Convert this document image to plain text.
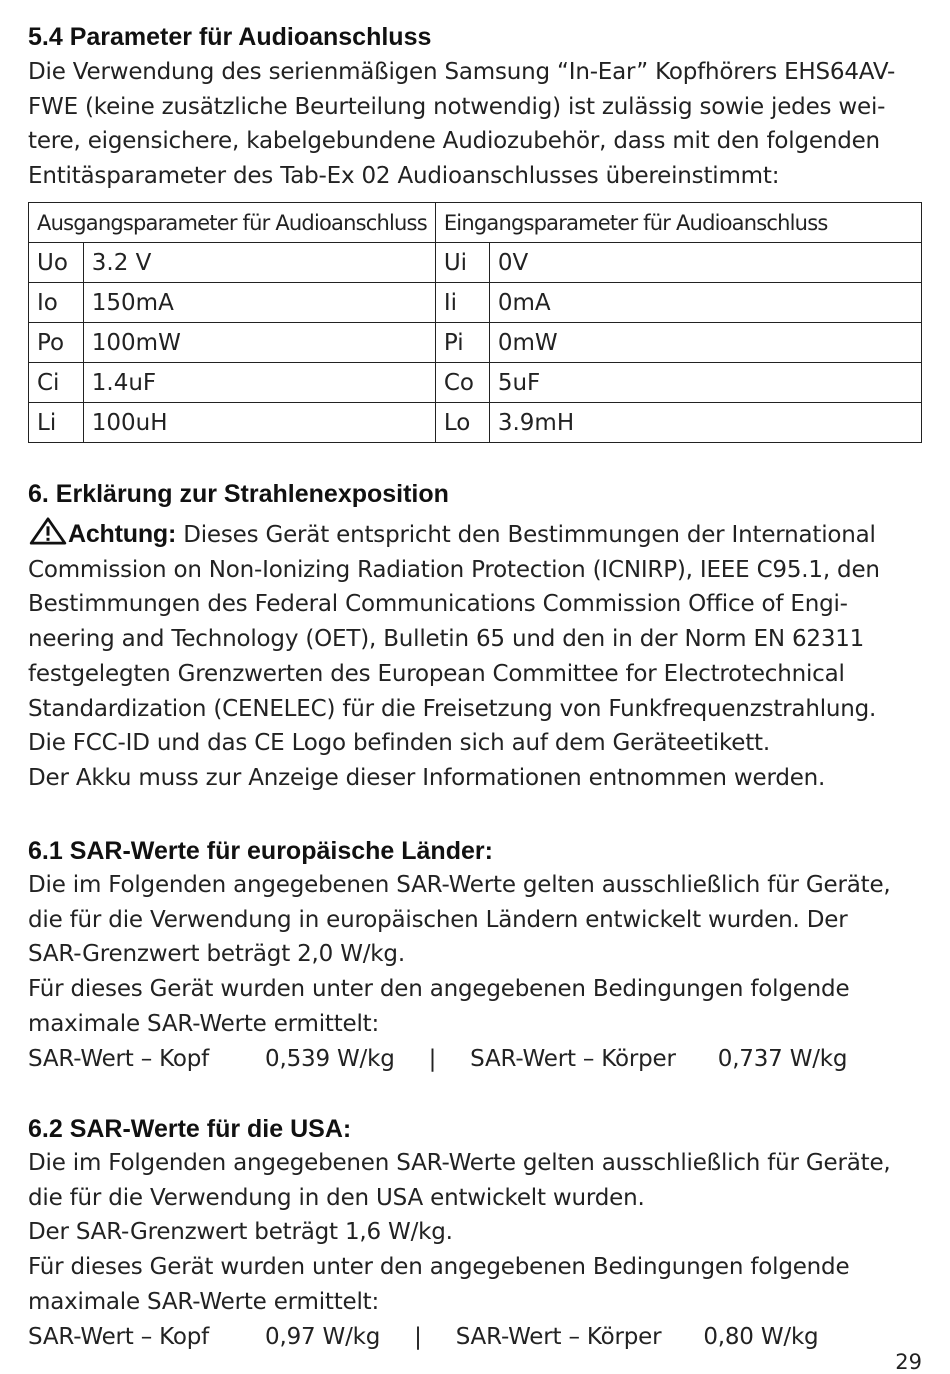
5.4 Parameter für Audioanschluss

Die Verwendung des serienmäßigen Samsung “In-Ear” Kopfhörers EHS64AV-
FWE (keine zusätzliche Beurteilung notwendig) ist zulässig sowie jedes wei-
tere, eigensichere, kabelgebundene Audiozubehör, dass mit den folgenden
Entitäsparameter des Tab-Ex 02 Audioanschlusses übereinstimmt:

Ausgangsparameter für Audioanschluss		Eingangsparameter für Audioanschluss	
Uo	3.2 V	Ui	0V
Io	150mA	Ii	0mA
Po	100mW	Pi	0mW
Ci	1.4uF	Co	5uF
Li	100uH	Lo	3.9mH
6. Erklärung zur Strahlenexposition

Achtung: Dieses Gerät entspricht den Bestimmungen der International
Commission on Non-Ionizing Radiation Protection (ICNIRP), IEEE C95.1, den
Bestimmungen des Federal Communications Commission Office of Engi-
neering and Technology (OET), Bulletin 65 und den in der Norm EN 62311
festgelegten Grenzwerten des European Committee for Electrotechnical
Standardization (CENELEC) für die Freisetzung von Funkfrequenzstrahlung.
Die FCC-ID und das CE Logo befinden sich auf dem Geräteetikett.
Der Akku muss zur Anzeige dieser Informationen entnommen werden.

6.1 SAR-Werte für europäische Länder:

Die im Folgenden angegebenen SAR-Werte gelten ausschließlich für Geräte,
die für die Verwendung in europäischen Ländern entwickelt wurden. Der
SAR-Grenzwert beträgt 2,0 W/kg.
Für dieses Gerät wurden unter den angegebenen Bedingungen folgende
maximale SAR-Werte ermittelt:
SAR-Wert – Kopf 0,539 W/kg | SAR-Wert – Körper 0,737 W/kg

6.2 SAR-Werte für die USA:

Die im Folgenden angegebenen SAR-Werte gelten ausschließlich für Geräte,
die für die Verwendung in den USA entwickelt wurden.
Der SAR-Grenzwert beträgt 1,6 W/kg.
Für dieses Gerät wurden unter den angegebenen Bedingungen folgende
maximale SAR-Werte ermittelt:
SAR-Wert – Kopf 0,97 W/kg | SAR-Wert – Körper 0,80 W/kg

29
